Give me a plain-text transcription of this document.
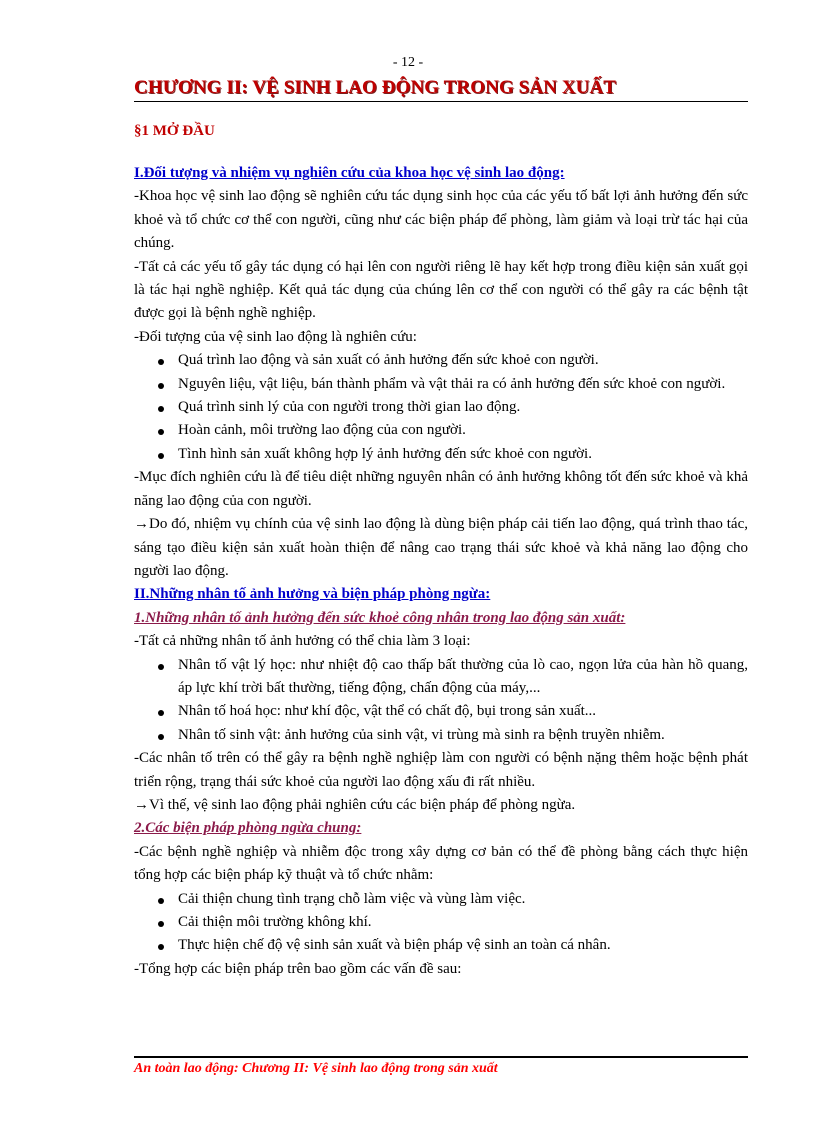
- 12 -
CHƯƠNG II: VỆ SINH LAO ĐỘNG TRONG SẢN XUẤT
§1 MỞ ĐẦU

I.Đối tượng và nhiệm vụ nghiên cứu của khoa học vệ sinh lao động:

-Khoa học vệ sinh lao động sẽ nghiên cứu tác dụng sinh học của các yếu tố bất lợi ảnh hưởng đến sức khoẻ và tổ chức cơ thể con người, cũng như các biện pháp để phòng, làm giảm và loại trừ tác hại của chúng.

-Tất cả các yếu tố gây tác dụng có hại lên con người riêng lẽ hay kết hợp trong điều kiện sản xuất gọi là tác hại nghề nghiệp. Kết quả tác dụng của chúng lên cơ thể con người có thể gây ra các bệnh tật được gọi là bệnh nghề nghiệp.

-Đối tượng của vệ sinh lao động là nghiên cứu:

Quá trình lao động và sản xuất có ảnh hưởng đến sức khoẻ con người.
Nguyên liệu, vật liệu, bán thành phẩm và vật thải ra có ảnh hưởng đến sức khoẻ con người.
Quá trình sinh lý của con người trong thời gian lao động.
Hoàn cảnh, môi trường lao động của con người.
Tình hình sản xuất không hợp lý ảnh hưởng đến sức khoẻ con người.

-Mục đích nghiên cứu là để tiêu diệt những nguyên nhân có ảnh hưởng không tốt đến sức khoẻ và khả năng lao động của con người.

→Do đó, nhiệm vụ chính của vệ sinh lao động là dùng biện pháp cải tiến lao động, quá trình thao tác, sáng tạo điều kiện sản xuất hoàn thiện để nâng cao trạng thái sức khoẻ và khả năng lao động cho người lao động.

II.Những nhân tố ảnh hưởng và biện pháp phòng ngừa:

1.Những nhân tố ảnh hưởng đến sức khoẻ công nhân trong lao động sản xuất:

-Tất cả những nhân tố ảnh hưởng có thể chia làm 3 loại:

Nhân tố vật lý học: như nhiệt độ cao thấp bất thường của lò cao, ngọn lửa của hàn hồ quang, áp lực khí trời bất thường, tiếng động, chấn động của máy,...
Nhân tố hoá học: như khí độc, vật thể có chất độ, bụi trong sản xuất...
Nhân tố sinh vật: ảnh hưởng của sinh vật, vi trùng mà sinh ra bệnh truyền nhiễm.

-Các nhân tố trên có thể gây ra bệnh nghề nghiệp làm con người có bệnh nặng thêm hoặc bệnh phát triển rộng, trạng thái sức khoẻ của người lao động xấu đi rất nhiều.

→Vì thế, vệ sinh lao động phải nghiên cứu các biện pháp để phòng ngừa.

2.Các biện pháp phòng ngừa chung:

-Các bệnh nghề nghiệp và nhiễm độc trong xây dựng cơ bản có thể đề phòng bằng cách thực hiện tổng hợp các biện pháp kỹ thuật và tổ chức nhằm:

Cải thiện chung tình trạng chỗ làm việc và vùng làm việc.
Cải thiện môi trường không khí.
Thực hiện chế độ vệ sinh sản xuất và biện pháp vệ sinh an toàn cá nhân.

-Tổng hợp các biện pháp trên bao gồm các vấn đề sau:

An toàn lao động: Chương II: Vệ sinh lao động trong sản xuất
